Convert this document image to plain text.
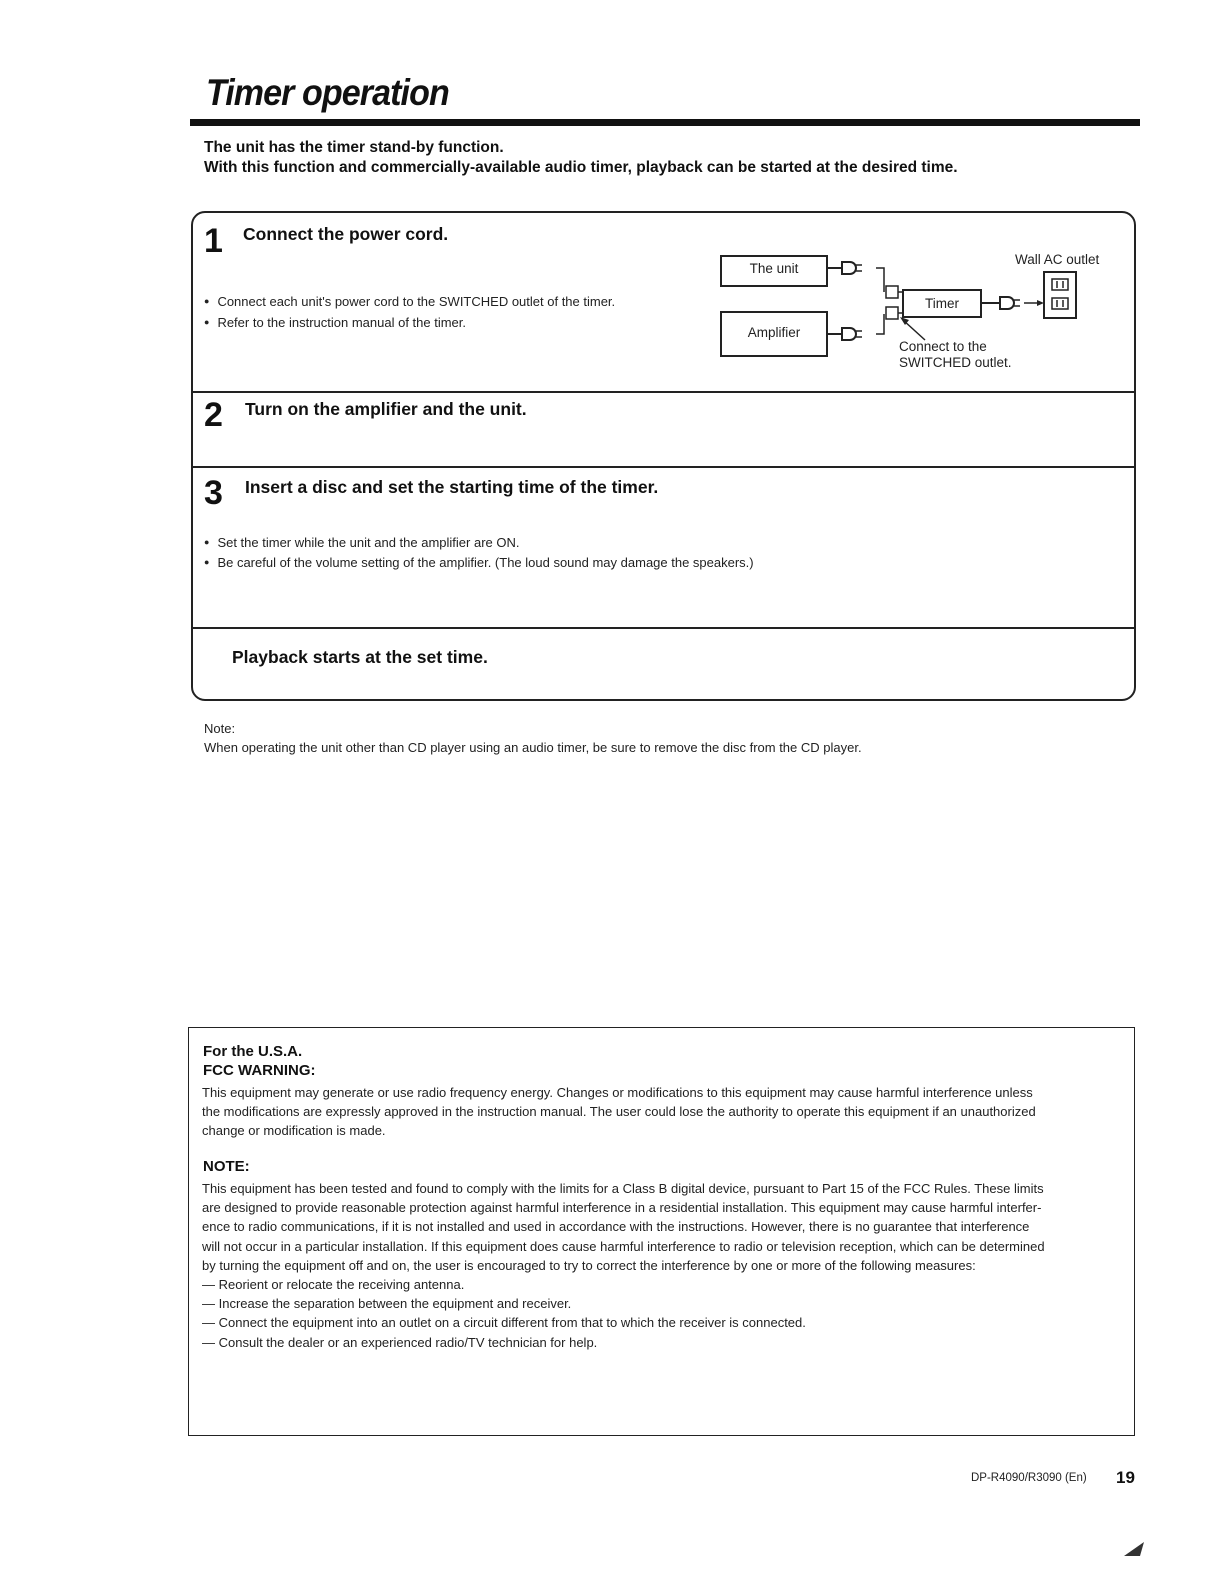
Timer operation
The unit has the timer stand-by function.
With this function and commercially-available audio timer, playback can be started at the desired time.
1 Connect the power cord.
● Connect each unit's power cord to the SWITCHED outlet of the timer.
● Refer to the instruction manual of the timer.
The unit
Amplifier
Timer
Wall AC outlet
Connect to the
SWITCHED outlet.
2 Turn on the amplifier and the unit.
3 Insert a disc and set the starting time of the timer.
● Set the timer while the unit and the amplifier are ON.
● Be careful of the volume setting of the amplifier. (The loud sound may damage the speakers.)
Playback starts at the set time.
Note:
When operating the unit other than CD player using an audio timer, be sure to remove the disc from the CD player.
For the U.S.A.
FCC WARNING:
This equipment may generate or use radio frequency energy. Changes or modifications to this equipment may cause harmful interference unless
the modifications are expressly approved in the instruction manual. The user could lose the authority to operate this equipment if an unauthorized
change or modification is made.
NOTE:
This equipment has been tested and found to comply with the limits for a Class B digital device, pursuant to Part 15 of the FCC Rules. These limits
are designed to provide reasonable protection against harmful interference in a residential installation. This equipment may cause harmful interfer-
ence to radio communications, if it is not installed and used in accordance with the instructions. However, there is no guarantee that interference
will not occur in a particular installation. If this equipment does cause harmful interference to radio or television reception, which can be determined
by turning the equipment off and on, the user is encouraged to try to correct the interference by one or more of the following measures:
— Reorient or relocate the receiving antenna.
— Increase the separation between the equipment and receiver.
— Connect the equipment into an outlet on a circuit different from that to which the receiver is connected.
— Consult the dealer or an experienced radio/TV technician for help.
DP-R4090/R3090 (En) 19
